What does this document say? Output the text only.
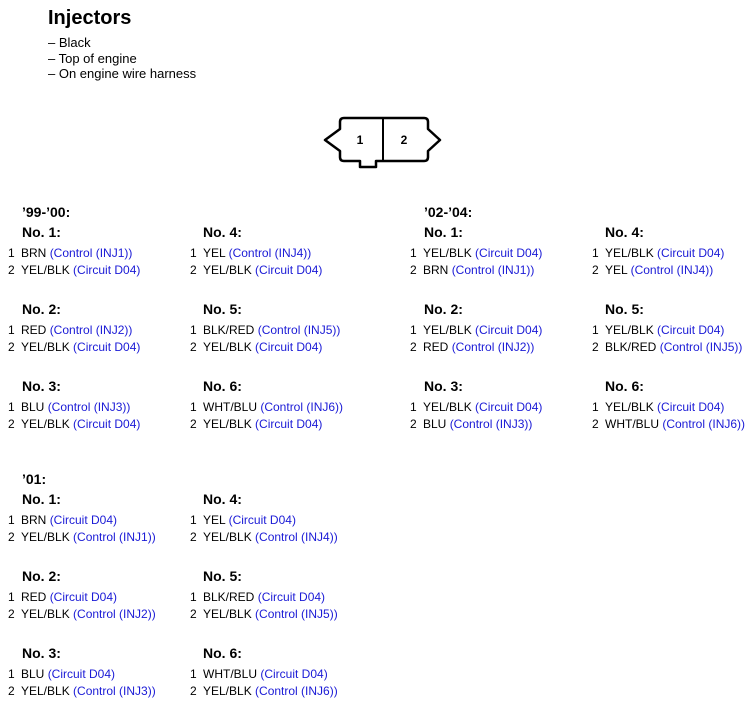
Injectors
– Black
– Top of engine
– On engine wire harness
1	2
’99-’00:
No. 1:
1 BRN (Control (INJ1))
2 YEL/BLK (Circuit D04)
No. 4:
1 YEL (Control (INJ4))
2 YEL/BLK (Circuit D04)
No. 2:
1 RED (Control (INJ2))
2 YEL/BLK (Circuit D04)
No. 5:
1 BLK/RED (Control (INJ5))
2 YEL/BLK (Circuit D04)
No. 3:
1 BLU (Control (INJ3))
2 YEL/BLK (Circuit D04)
No. 6:
1 WHT/BLU (Control (INJ6))
2 YEL/BLK (Circuit D04)
’02-’04:
No. 1:
1 YEL/BLK (Circuit D04)
2 BRN (Control (INJ1))
No. 4:
1 YEL/BLK (Circuit D04)
2 YEL (Control (INJ4))
No. 2:
1 YEL/BLK (Circuit D04)
2 RED (Control (INJ2))
No. 5:
1 YEL/BLK (Circuit D04)
2 BLK/RED (Control (INJ5))
No. 3:
1 YEL/BLK (Circuit D04)
2 BLU (Control (INJ3))
No. 6:
1 YEL/BLK (Circuit D04)
2 WHT/BLU (Control (INJ6))
’01:
No. 1:
1 BRN (Circuit D04)
2 YEL/BLK (Control (INJ1))
No. 4:
1 YEL (Circuit D04)
2 YEL/BLK (Control (INJ4))
No. 2:
1 RED (Circuit D04)
2 YEL/BLK (Control (INJ2))
No. 5:
1 BLK/RED (Circuit D04)
2 YEL/BLK (Control (INJ5))
No. 3:
1 BLU (Circuit D04)
2 YEL/BLK (Control (INJ3))
No. 6:
1 WHT/BLU (Circuit D04)
2 YEL/BLK (Control (INJ6))
